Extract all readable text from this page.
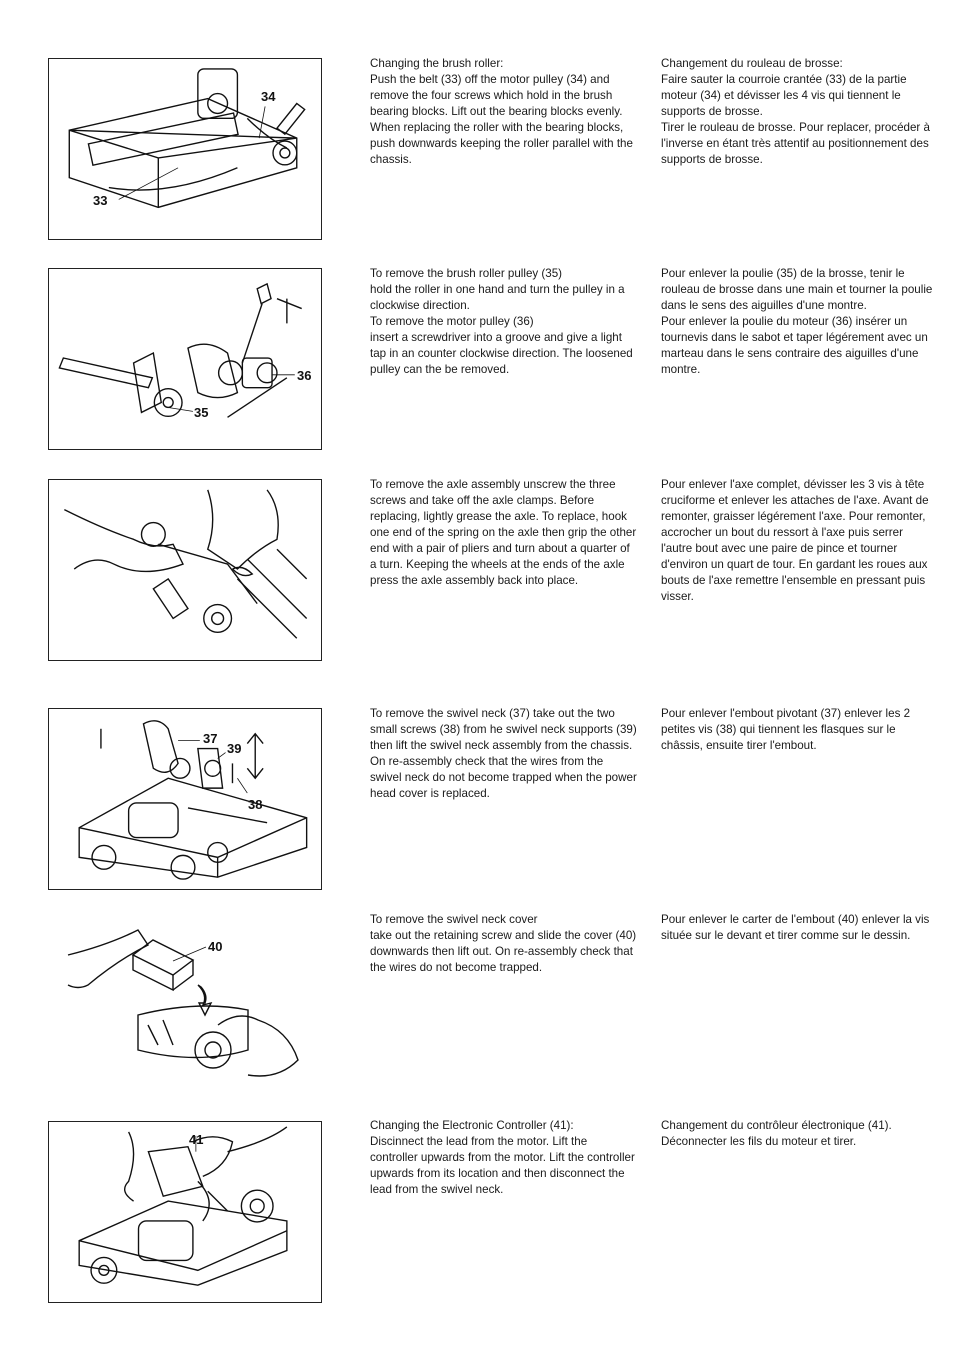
34
33
Changing the brush roller:
Push the belt (33) off the motor pulley (34) and remove the four screws which hold in the brush bearing blocks. Lift out the bearing blocks evenly. When replacing the roller with the bearing blocks, push downwards keeping the roller parallel with the chassis.
Changement du rouleau de brosse:
Faire sauter la courroie crantée (33) de la partie moteur (34) et dévisser les 4 vis qui tiennent le supports de brosse.
Tirer le rouleau de brosse. Pour replacer, procéder à l'inverse en étant très attentif au positionnement des supports de brosse.
36
35
To remove the brush roller pulley (35)
hold the roller in one hand and turn the pulley in a clockwise direction.
To remove the motor pulley (36)
insert a screwdriver into a groove and give a light tap in an counter clockwise direction. The loosened pulley can the be removed.
Pour enlever la poulie (35) de la brosse, tenir le rouleau de brosse dans une main et tourner la poulie dans le sens des aiguilles d'une montre.
Pour enlever la poulie du moteur (36) insérer un tournevis dans le sabot et taper légérement avec un marteau dans le sens contraire des aiguilles d'une montre.
To remove the axle assembly unscrew the three screws and take off the axle clamps. Before replacing, lightly grease the axle. To replace, hook one end of the spring on the axle then grip the other end with a pair of pliers and turn about a quarter of a turn. Keeping the wheels at the ends of the axle press the axle assembly back into place.
Pour enlever l'axe complet, dévisser les 3 vis à tête cruciforme et enlever les attaches de l'axe. Avant de remonter, graisser légérement l'axe. Pour remonter, accrocher un bout du ressort à l'axe puis serrer l'autre bout avec une paire de pince et tourner d'environ un quart de tour. En gardant les roues aux bouts de l'axe remettre l'ensemble en pressant puis visser.
37
39
38
To remove the swivel neck (37) take out the two small screws (38) from he swivel neck supports (39) then lift the swivel neck assembly from the chassis. On re-assembly check that the wires from the swivel neck do not become trapped when the power head cover is replaced.
Pour enlever l'embout pivotant (37) enlever les 2 petites vis (38) qui tiennent les flasques sur le châssis, ensuite tirer l'embout.
40
To remove the swivel neck cover
take out the retaining screw and slide the cover (40) downwards then lift out. On re-assembly check that the wires do not become trapped.
Pour enlever le carter de l'embout (40) enlever la vis située sur le devant et tirer comme sur le dessin.
41
Changing the Electronic Controller (41):
Discinnect the lead from the motor. Lift the controller upwards from the motor. Lift the controller upwards from its location and then disconnect the lead from the swivel neck.
Changement du contrôleur électronique (41).
Déconnecter les fils du moteur et tirer.
